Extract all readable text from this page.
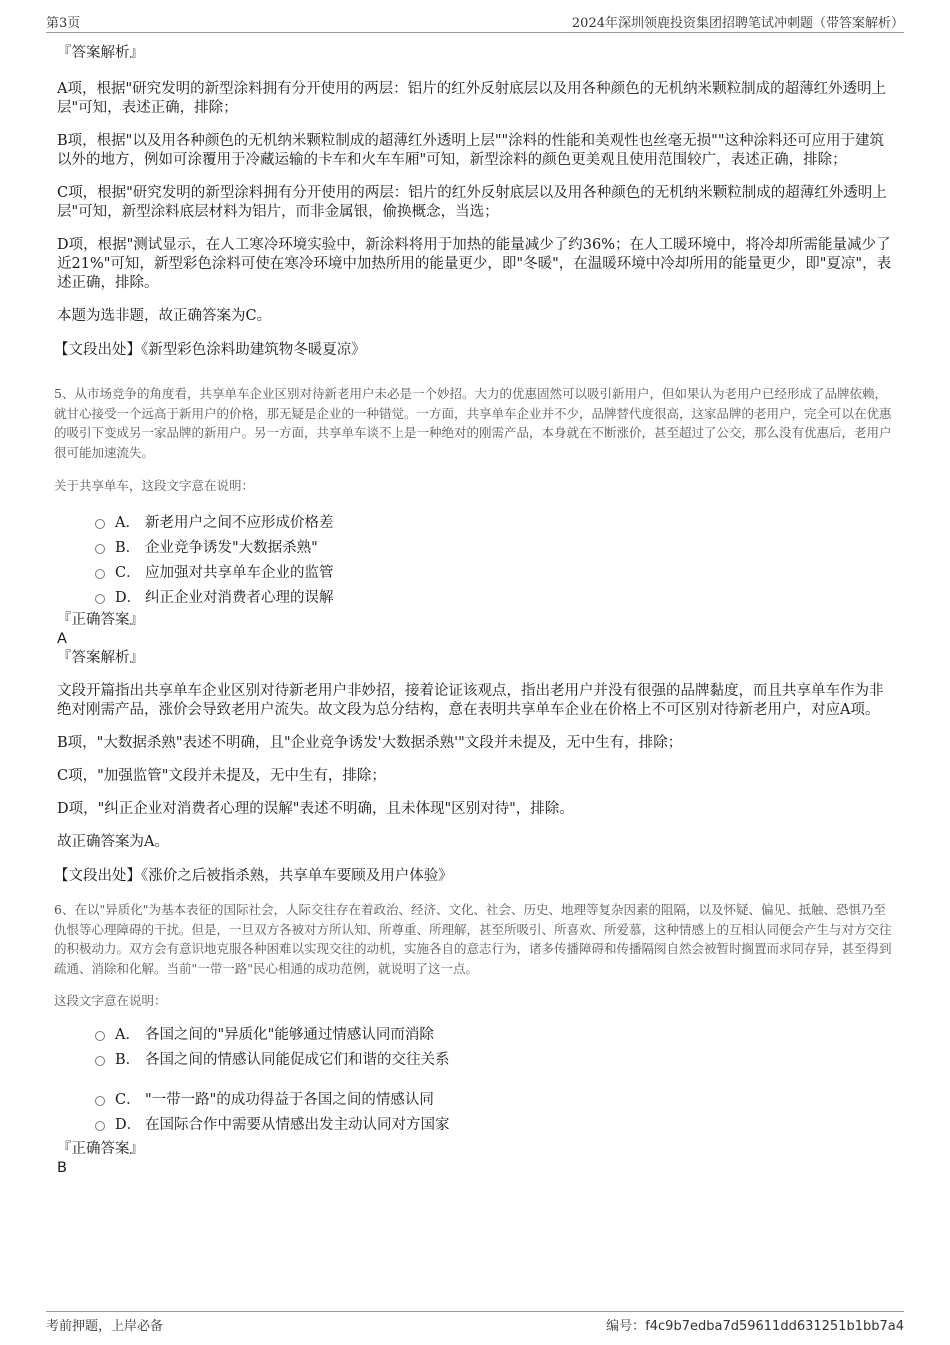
第3页	2024年深圳领鹿投资集团招聘笔试冲刺题（带答案解析）

『答案解析』

A项，根据"研究发明的新型涂料拥有分开使用的两层：铝片的红外反射底层以及用各种颜色的无机纳米颗粒制成的超薄红外透明上层"可知，表述正确，排除；

B项，根据"以及用各种颜色的无机纳米颗粒制成的超薄红外透明上层""涂料的性能和美观性也丝毫无损""这种涂料还可应用于建筑以外的地方，例如可涂覆用于冷藏运输的卡车和火车车厢"可知，新型涂料的颜色更美观且使用范围较广，表述正确，排除；

C项，根据"研究发明的新型涂料拥有分开使用的两层：铝片的红外反射底层以及用各种颜色的无机纳米颗粒制成的超薄红外透明上层"可知，新型涂料底层材料为铝片，而非金属银，偷换概念，当选；

D项，根据"测试显示，在人工寒冷环境实验中，新涂料将用于加热的能量减少了约36%；在人工暖环境中，将冷却所需能量减少了近21%"可知，新型彩色涂料可使在寒冷环境中加热所用的能量更少，即"冬暖"，在温暖环境中冷却所用的能量更少，即"夏凉"，表述正确，排除。

本题为选非题，故正确答案为C。

【文段出处】《新型彩色涂料助建筑物冬暖夏凉》

5、从市场竞争的角度看，共享单车企业区别对待新老用户未必是一个妙招。大力的优惠固然可以吸引新用户，但如果认为老用户已经形成了品牌依赖，就甘心接受一个远高于新用户的价格，那无疑是企业的一种错觉。一方面，共享单车企业并不少，品牌替代度很高，这家品牌的老用户，完全可以在优惠的吸引下变成另一家品牌的新用户。另一方面，共享单车谈不上是一种绝对的刚需产品，本身就在不断涨价，甚至超过了公交，那么没有优惠后，老用户很可能加速流失。

关于共享单车，这段文字意在说明：

A． 新老用户之间不应形成价格差
B． 企业竞争诱发"大数据杀熟"
C． 应加强对共享单车企业的监管
D． 纠正企业对消费者心理的误解

『正确答案』

A

『答案解析』

文段开篇指出共享单车企业区别对待新老用户非妙招，接着论证该观点，指出老用户并没有很强的品牌黏度，而且共享单车作为非绝对刚需产品，涨价会导致老用户流失。故文段为总分结构，意在表明共享单车企业在价格上不可区别对待新老用户，对应A项。

B项，"大数据杀熟"表述不明确，且"企业竞争诱发'大数据杀熟'"文段并未提及，无中生有，排除；

C项，"加强监管"文段并未提及，无中生有，排除；

D项，"纠正企业对消费者心理的误解"表述不明确，且未体现"区别对待"，排除。

故正确答案为A。

【文段出处】《涨价之后被指杀熟，共享单车要顾及用户体验》

6、在以"异质化"为基本表征的国际社会，人际交往存在着政治、经济、文化、社会、历史、地理等复杂因素的阻隔，以及怀疑、偏见、抵触、恐惧乃至仇恨等心理障碍的干扰。但是，一旦双方各被对方所认知、所尊重、所理解，甚至所吸引、所喜欢、所爱慕，这种情感上的互相认同便会产生与对方交往的积极动力。双方会有意识地克服各种困难以实现交往的动机，实施各自的意志行为，诸多传播障碍和传播隔阂自然会被暂时搁置而求同存异，甚至得到疏通、消除和化解。当前"一带一路"民心相通的成功范例，就说明了这一点。

这段文字意在说明：

A． 各国之间的"异质化"能够通过情感认同而消除
B． 各国之间的情感认同能促成它们和谐的交往关系
C． "一带一路"的成功得益于各国之间的情感认同
D． 在国际合作中需要从情感出发主动认同对方国家

『正确答案』

B

考前押题，上岸必备	编号：f4c9b7edba7d59611dd631251b1bb7a4
